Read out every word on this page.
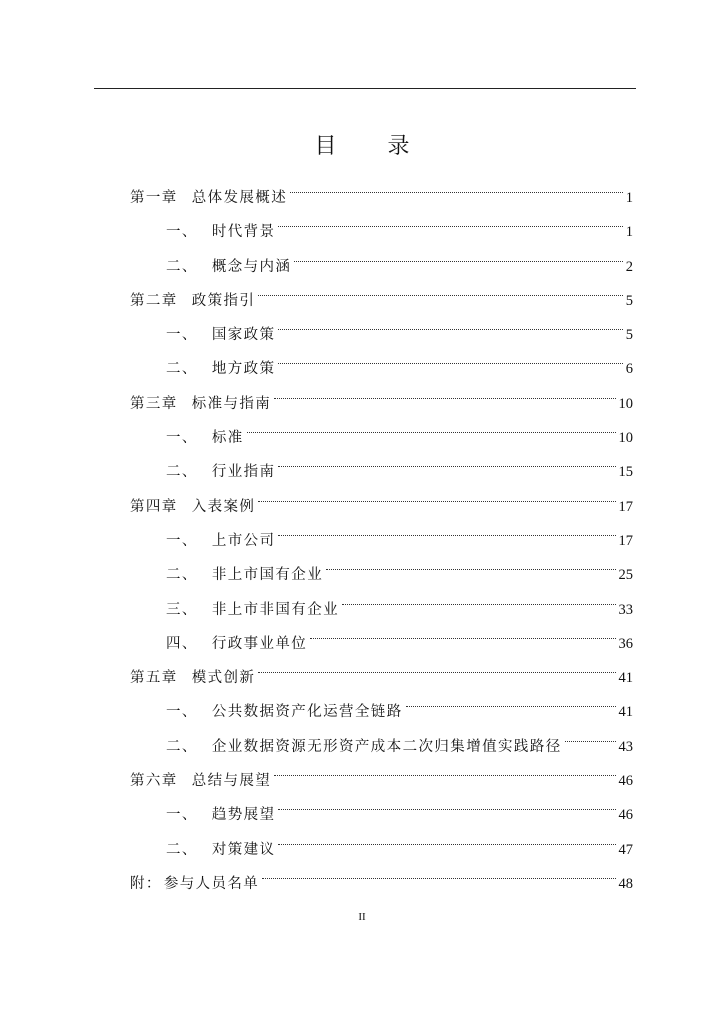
目 录
第一章 总体发展概述	1
一、 时代背景	1
二、 概念与内涵	2
第二章 政策指引	5
一、 国家政策	5
二、 地方政策	6
第三章 标准与指南	10
一、 标准	10
二、 行业指南	15
第四章 入表案例	17
一、 上市公司	17
二、 非上市国有企业	25
三、 非上市非国有企业	33
四、 行政事业单位	36
第五章 模式创新	41
一、 公共数据资产化运营全链路	41
二、 企业数据资源无形资产成本二次归集增值实践路径	43
第六章 总结与展望	46
一、 趋势展望	46
二、 对策建议	47
附： 参与人员名单	48
II
